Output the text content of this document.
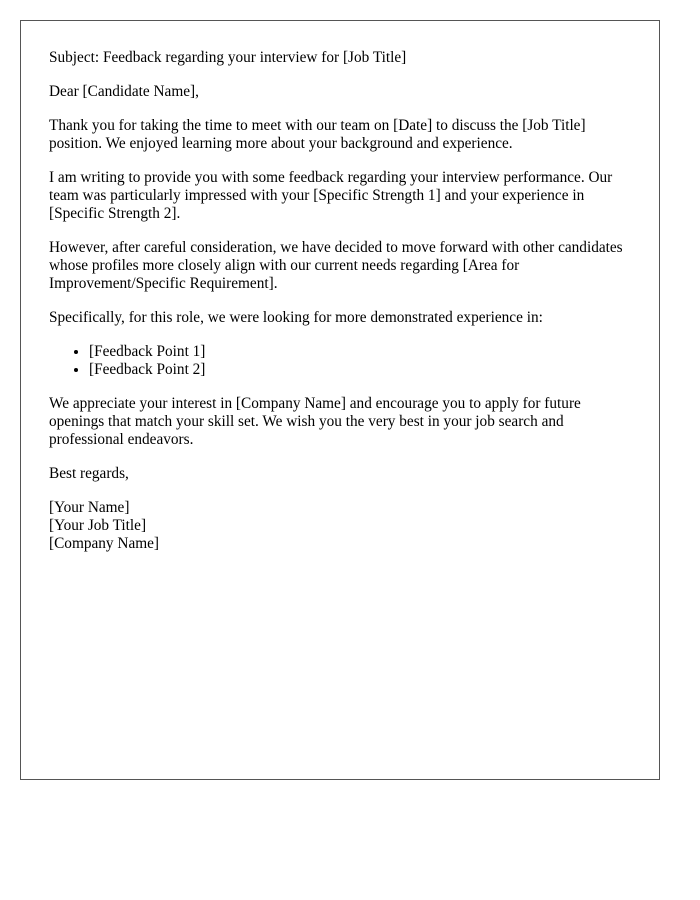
Subject: Feedback regarding your interview for [Job Title]

Dear [Candidate Name],

Thank you for taking the time to meet with our team on [Date] to discuss the [Job Title] position. We enjoyed learning more about your background and experience.

I am writing to provide you with some feedback regarding your interview performance. Our team was particularly impressed with your [Specific Strength 1] and your experience in [Specific Strength 2].

However, after careful consideration, we have decided to move forward with other candidates whose profiles more closely align with our current needs regarding [Area for Improvement/Specific Requirement].

Specifically, for this role, we were looking for more demonstrated experience in:

• [Feedback Point 1]
• [Feedback Point 2]

We appreciate your interest in [Company Name] and encourage you to apply for future openings that match your skill set. We wish you the very best in your job search and professional endeavors.

Best regards,

[Your Name]

[Your Job Title]

[Company Name]
